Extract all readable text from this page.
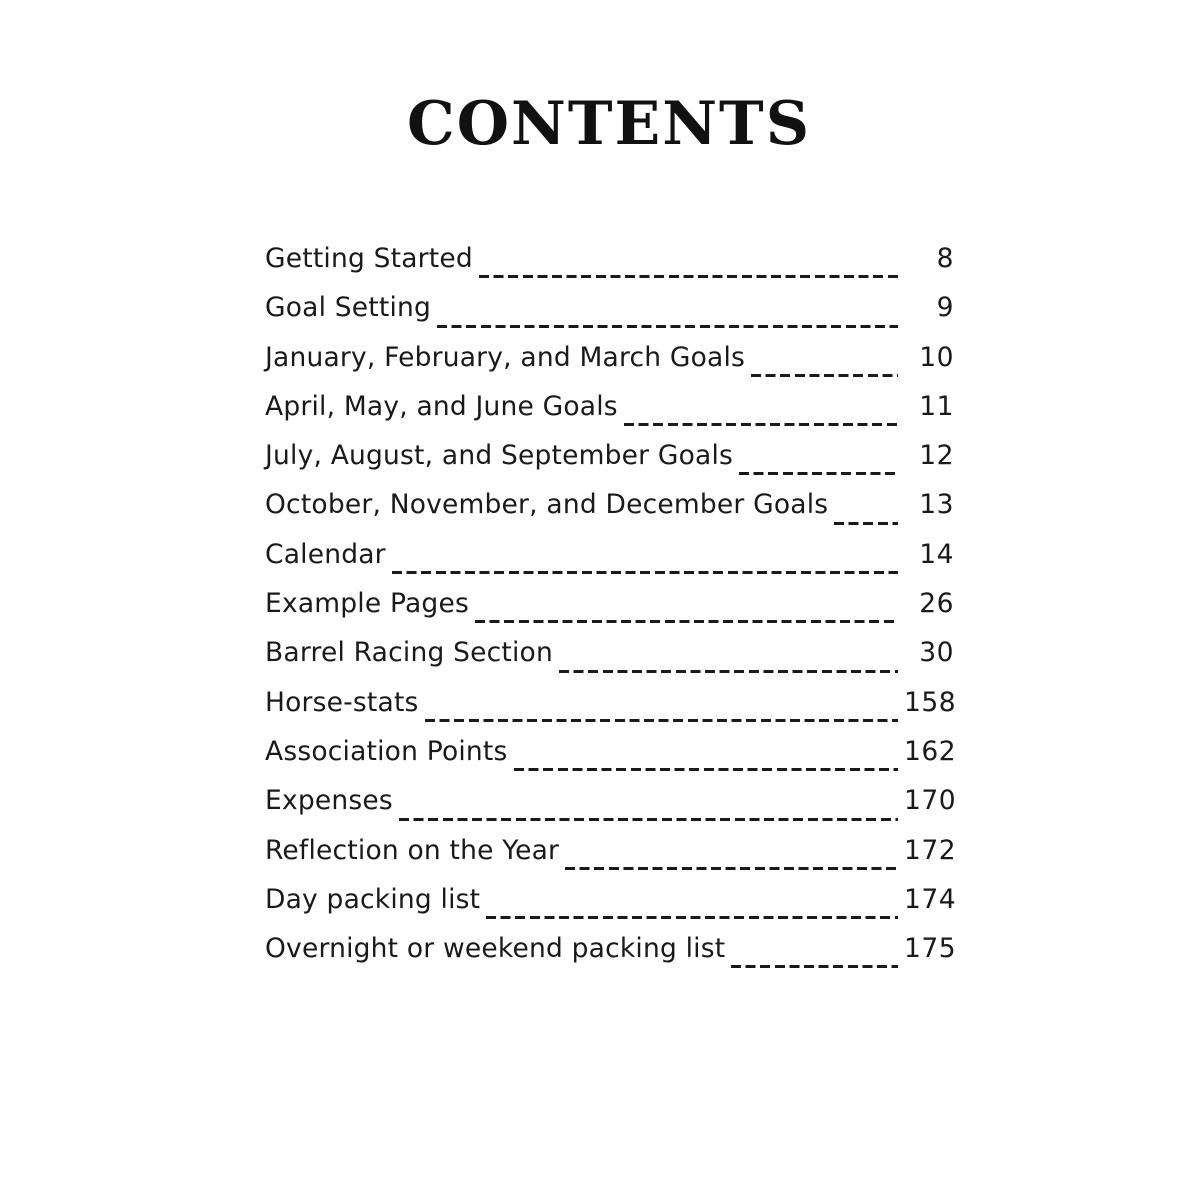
CONTENTS
Getting Started	8
Goal Setting	9
January, February, and March Goals	10
April, May, and June Goals	11
July, August, and September Goals	12
October, November, and December Goals	13
Calendar	14
Example Pages	26
Barrel Racing Section	30
Horse-stats	158
Association Points	162
Expenses	170
Reflection on the Year	172
Day packing list	174
Overnight or weekend packing list	175
